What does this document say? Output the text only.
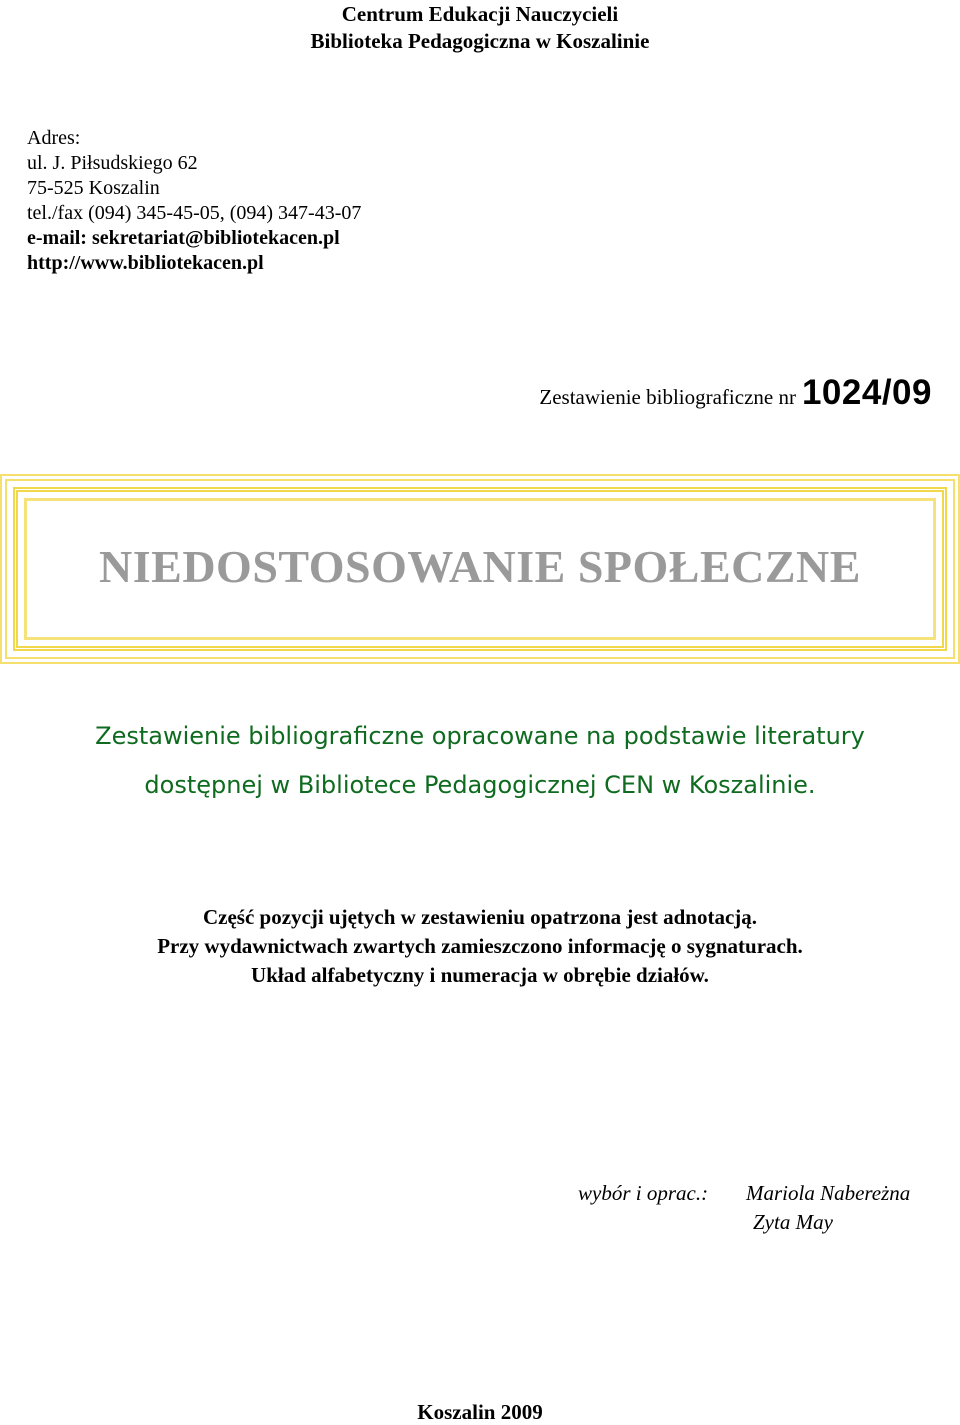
Centrum Edukacji Nauczycieli
Biblioteka Pedagogiczna w Koszalinie
Adres:
ul. J. Piłsudskiego 62
75-525 Koszalin
tel./fax (094) 345-45-05, (094) 347-43-07
e-mail: sekretariat@bibliotekacen.pl
http://www.bibliotekacen.pl
Zestawienie bibliograficzne nr 1024/09
NIEDOSTOSOWANIE SPOŁECZNE
Zestawienie bibliograficzne opracowane na podstawie literatury
dostępnej w Bibliotece Pedagogicznej CEN w Koszalinie.
Część pozycji ujętych w zestawieniu opatrzona jest adnotacją.
Przy wydawnictwach zwartych zamieszczono informację o sygnaturach.
Układ alfabetyczny i numeracja w obrębie działów.
wybór i oprac.: Mariola Nabereżna
Zyta May
Koszalin 2009
